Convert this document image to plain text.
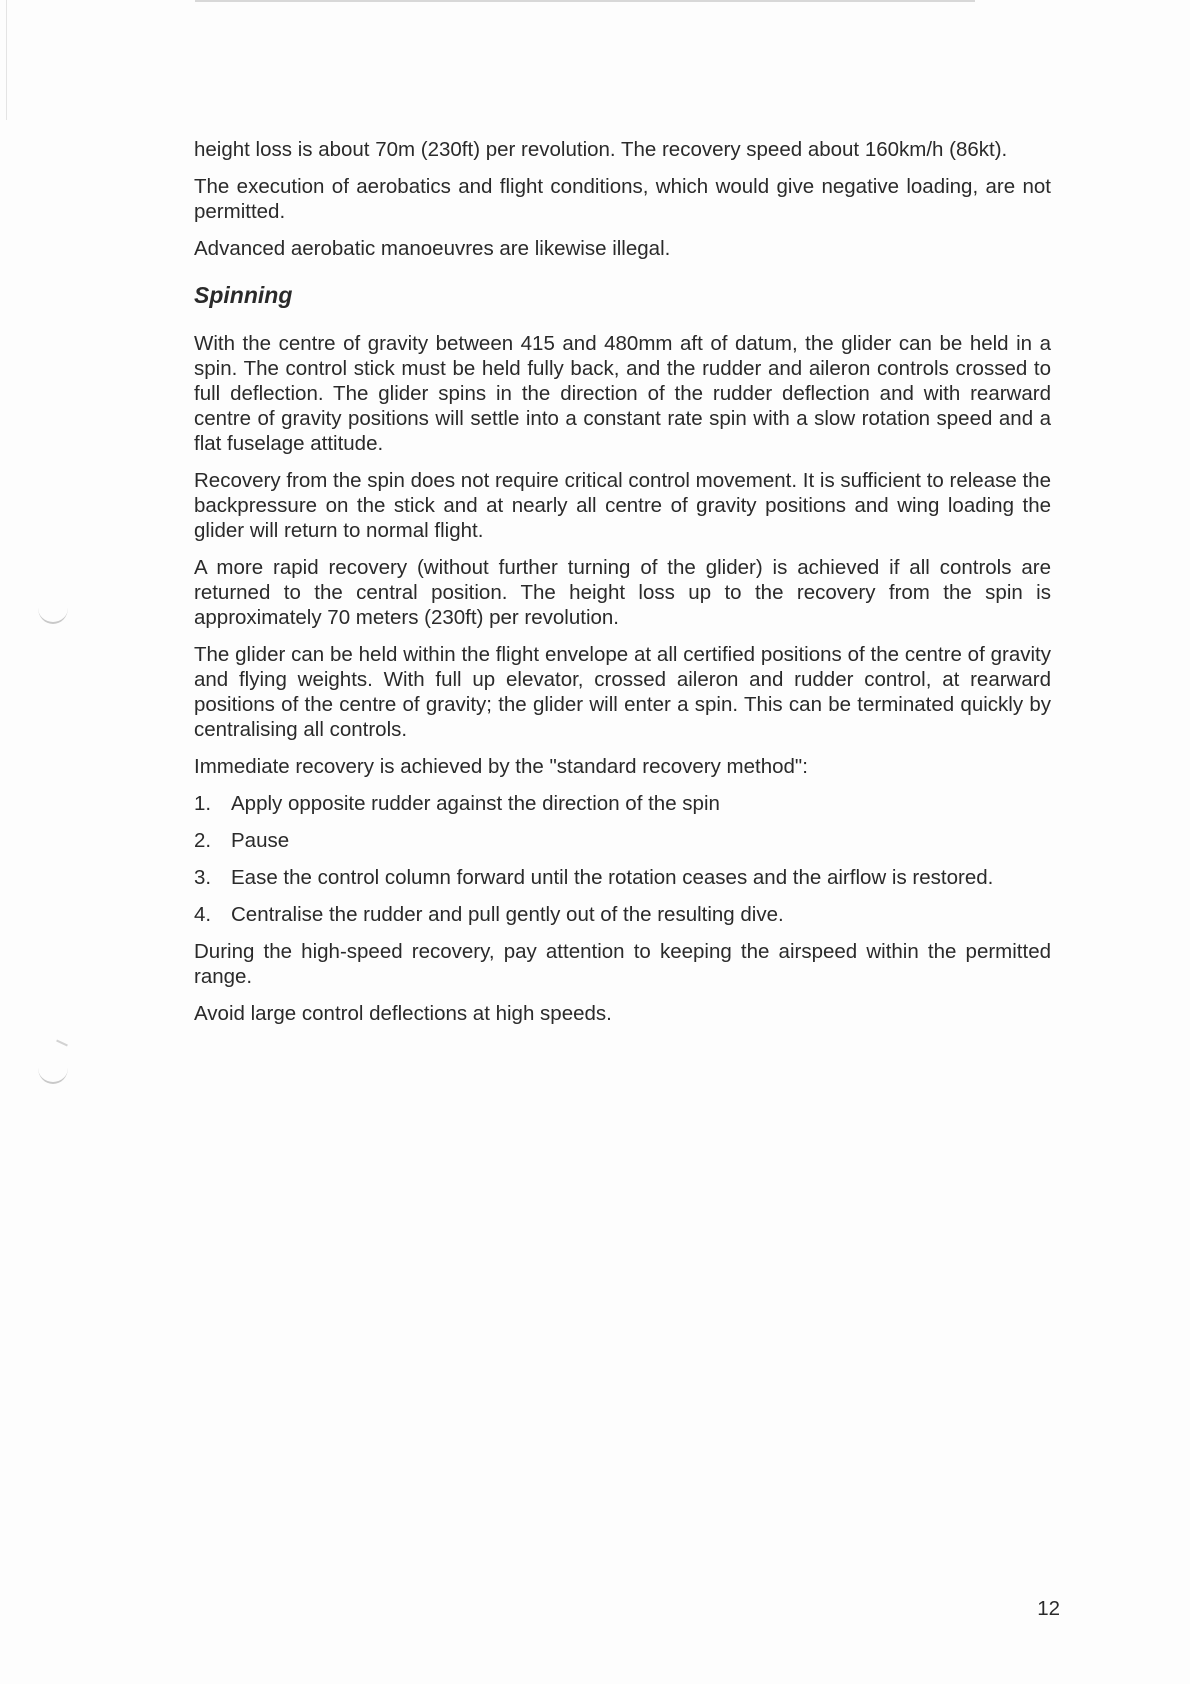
height loss is about 70m (230ft) per revolution. The recovery speed about 160km/h (86kt).

The execution of aerobatics and flight conditions, which would give negative loading, are not permitted.

Advanced aerobatic manoeuvres are likewise illegal.

Spinning

With the centre of gravity between 415 and 480mm aft of datum, the glider can be held in a spin. The control stick must be held fully back, and the rudder and aileron controls crossed to full deflection. The glider spins in the direction of the rudder deflection and with rearward centre of gravity positions will settle into a constant rate spin with a slow rotation speed and a flat fuselage attitude.

Recovery from the spin does not require critical control movement. It is sufficient to release the backpressure on the stick and at nearly all centre of gravity positions and wing loading the glider will return to normal flight.

A more rapid recovery (without further turning of the glider) is achieved if all controls are returned to the central position. The height loss up to the recovery from the spin is approximately 70 meters (230ft) per revolution.

The glider can be held within the flight envelope at all certified positions of the centre of gravity and flying weights. With full up elevator, crossed aileron and rudder control, at rearward positions of the centre of gravity; the glider will enter a spin. This can be terminated quickly by centralising all controls.

Immediate recovery is achieved by the "standard recovery method":

1. Apply opposite rudder against the direction of the spin
2. Pause
3. Ease the control column forward until the rotation ceases and the airflow is restored.
4. Centralise the rudder and pull gently out of the resulting dive.

During the high-speed recovery, pay attention to keeping the airspeed within the permitted range.

Avoid large control deflections at high speeds.

12
